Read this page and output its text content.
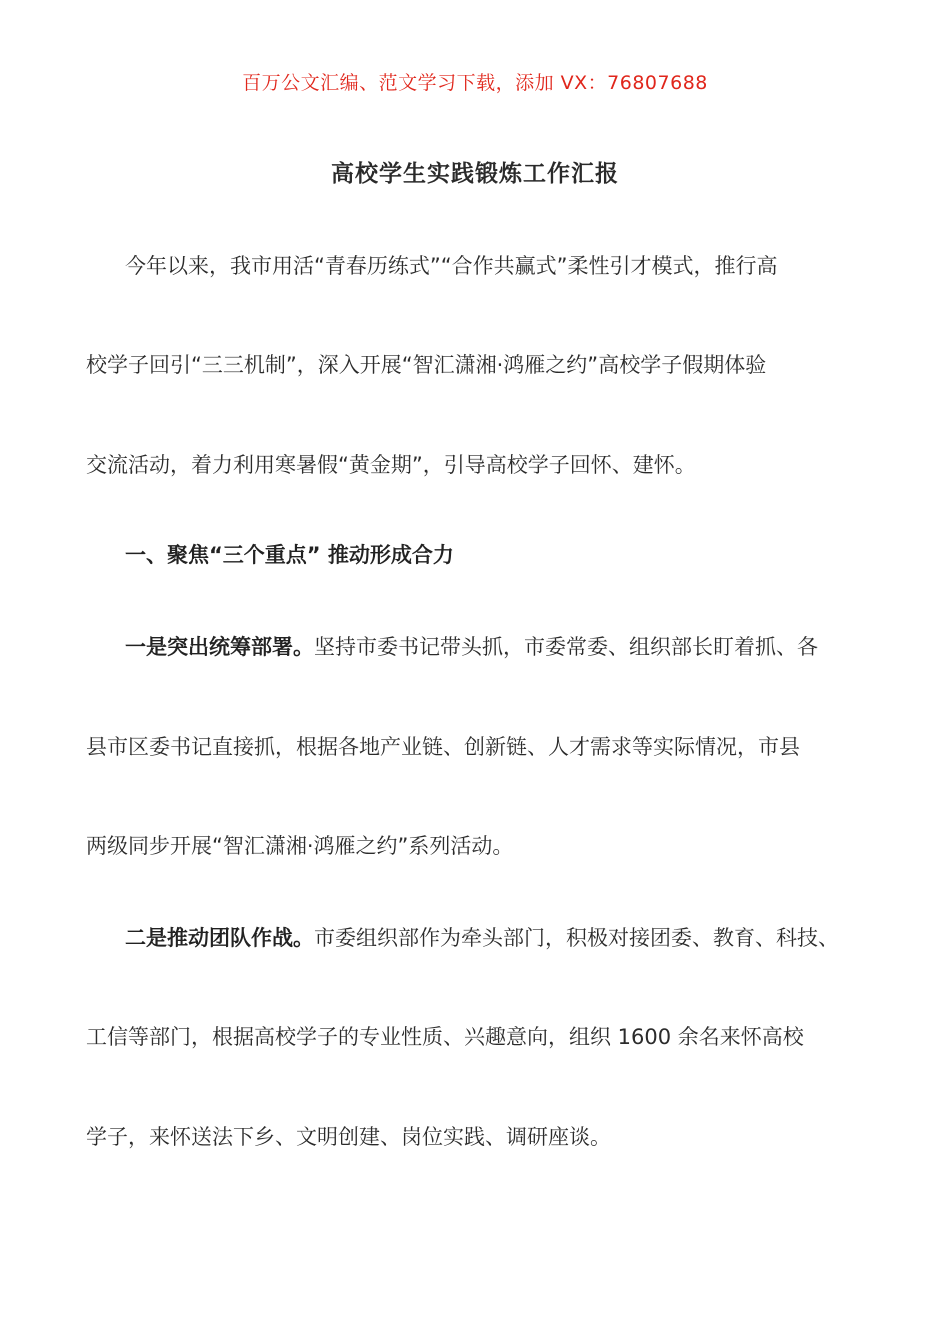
百万公文汇编、范文学习下载，添加 VX：76807688
高校学生实践锻炼工作汇报
今年以来，我市用活“青春历练式”“合作共赢式”柔性引才模式，推行高
校学子回引“三三机制”，深入开展“智汇潇湘·鸿雁之约”高校学子假期体验
交流活动，着力利用寒暑假“黄金期”，引导高校学子回怀、建怀。
一、聚焦“三个重点” 推动形成合力
一是突出统筹部署。坚持市委书记带头抓，市委常委、组织部长盯着抓、各
县市区委书记直接抓，根据各地产业链、创新链、人才需求等实际情况，市县
两级同步开展“智汇潇湘·鸿雁之约”系列活动。
二是推动团队作战。市委组织部作为牵头部门，积极对接团委、教育、科技、
工信等部门，根据高校学子的专业性质、兴趣意向，组织 1600 余名来怀高校
学子，来怀送法下乡、文明创建、岗位实践、调研座谈。
